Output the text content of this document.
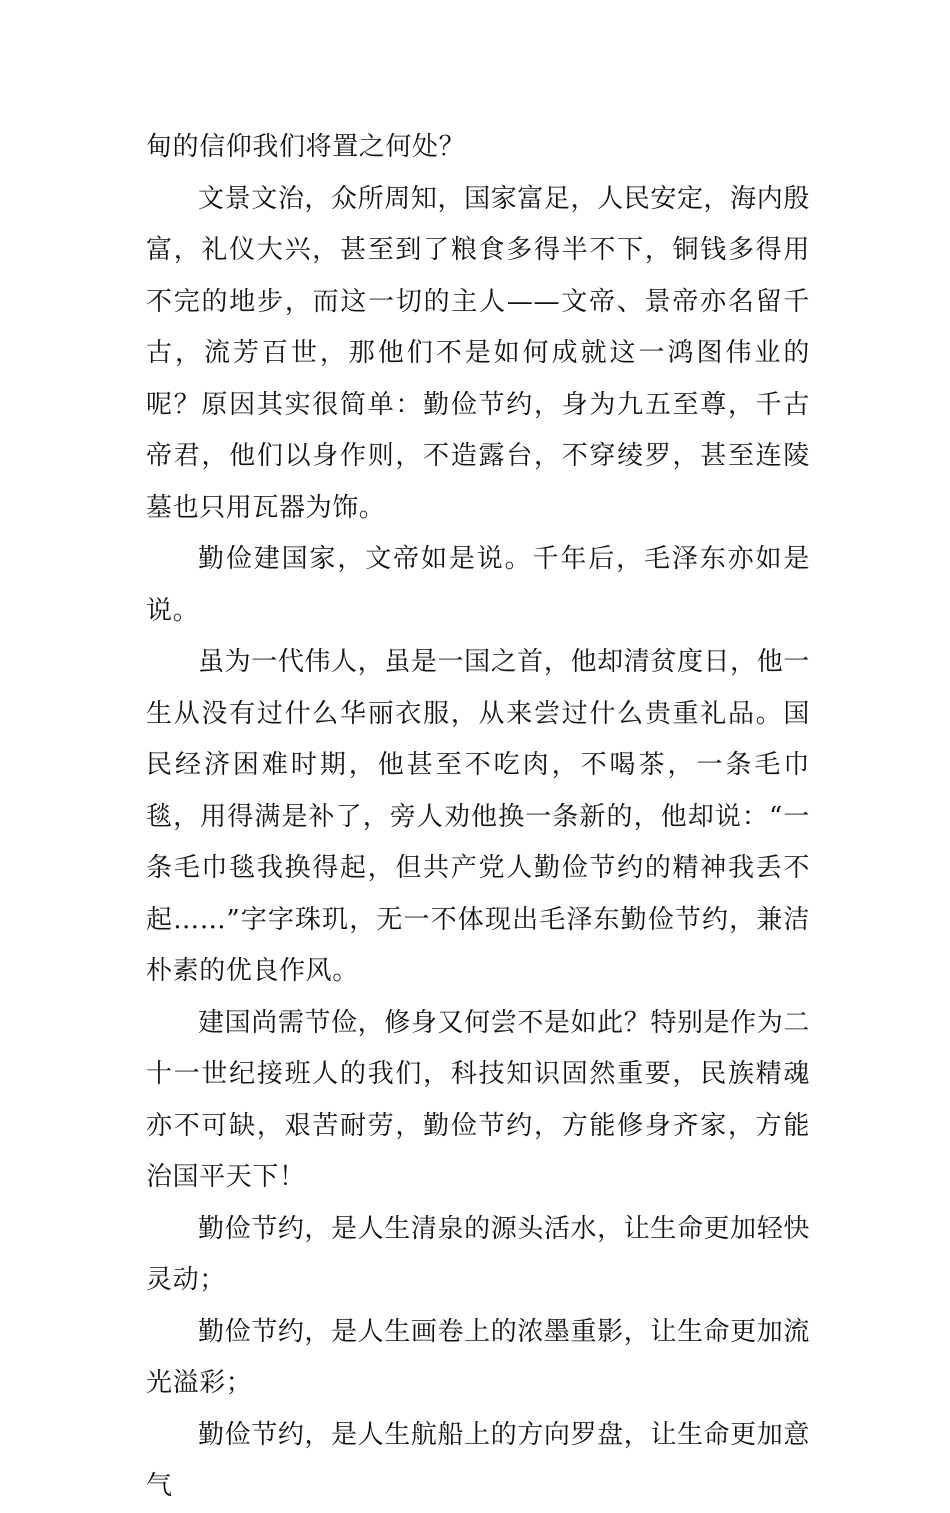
甸的信仰我们将置之何处？

文景文治，众所周知，国家富足，人民安定，海内殷富，礼仪大兴，甚至到了粮食多得半不下，铜钱多得用不完的地步，而这一切的主人——文帝、景帝亦名留千古，流芳百世，那他们不是如何成就这一鸿图伟业的呢？原因其实很简单：勤俭节约，身为九五至尊，千古帝君，他们以身作则，不造露台，不穿绫罗，甚至连陵墓也只用瓦器为饰。

勤俭建国家，文帝如是说。千年后，毛泽东亦如是说。

虽为一代伟人，虽是一国之首，他却清贫度日，他一生从没有过什么华丽衣服，从来尝过什么贵重礼品。国民经济困难时期，他甚至不吃肉，不喝茶，一条毛巾毯，用得满是补了，旁人劝他换一条新的，他却说：“一条毛巾毯我换得起，但共产党人勤俭节约的精神我丢不起……”字字珠玑，无一不体现出毛泽东勤俭节约，兼洁朴素的优良作风。

建国尚需节俭，修身又何尝不是如此？特别是作为二十一世纪接班人的我们，科技知识固然重要，民族精魂亦不可缺，艰苦耐劳，勤俭节约，方能修身齐家，方能治国平天下！

勤俭节约，是人生清泉的源头活水，让生命更加轻快灵动；

勤俭节约，是人生画卷上的浓墨重影，让生命更加流光溢彩；

勤俭节约，是人生航船上的方向罗盘，让生命更加意气
